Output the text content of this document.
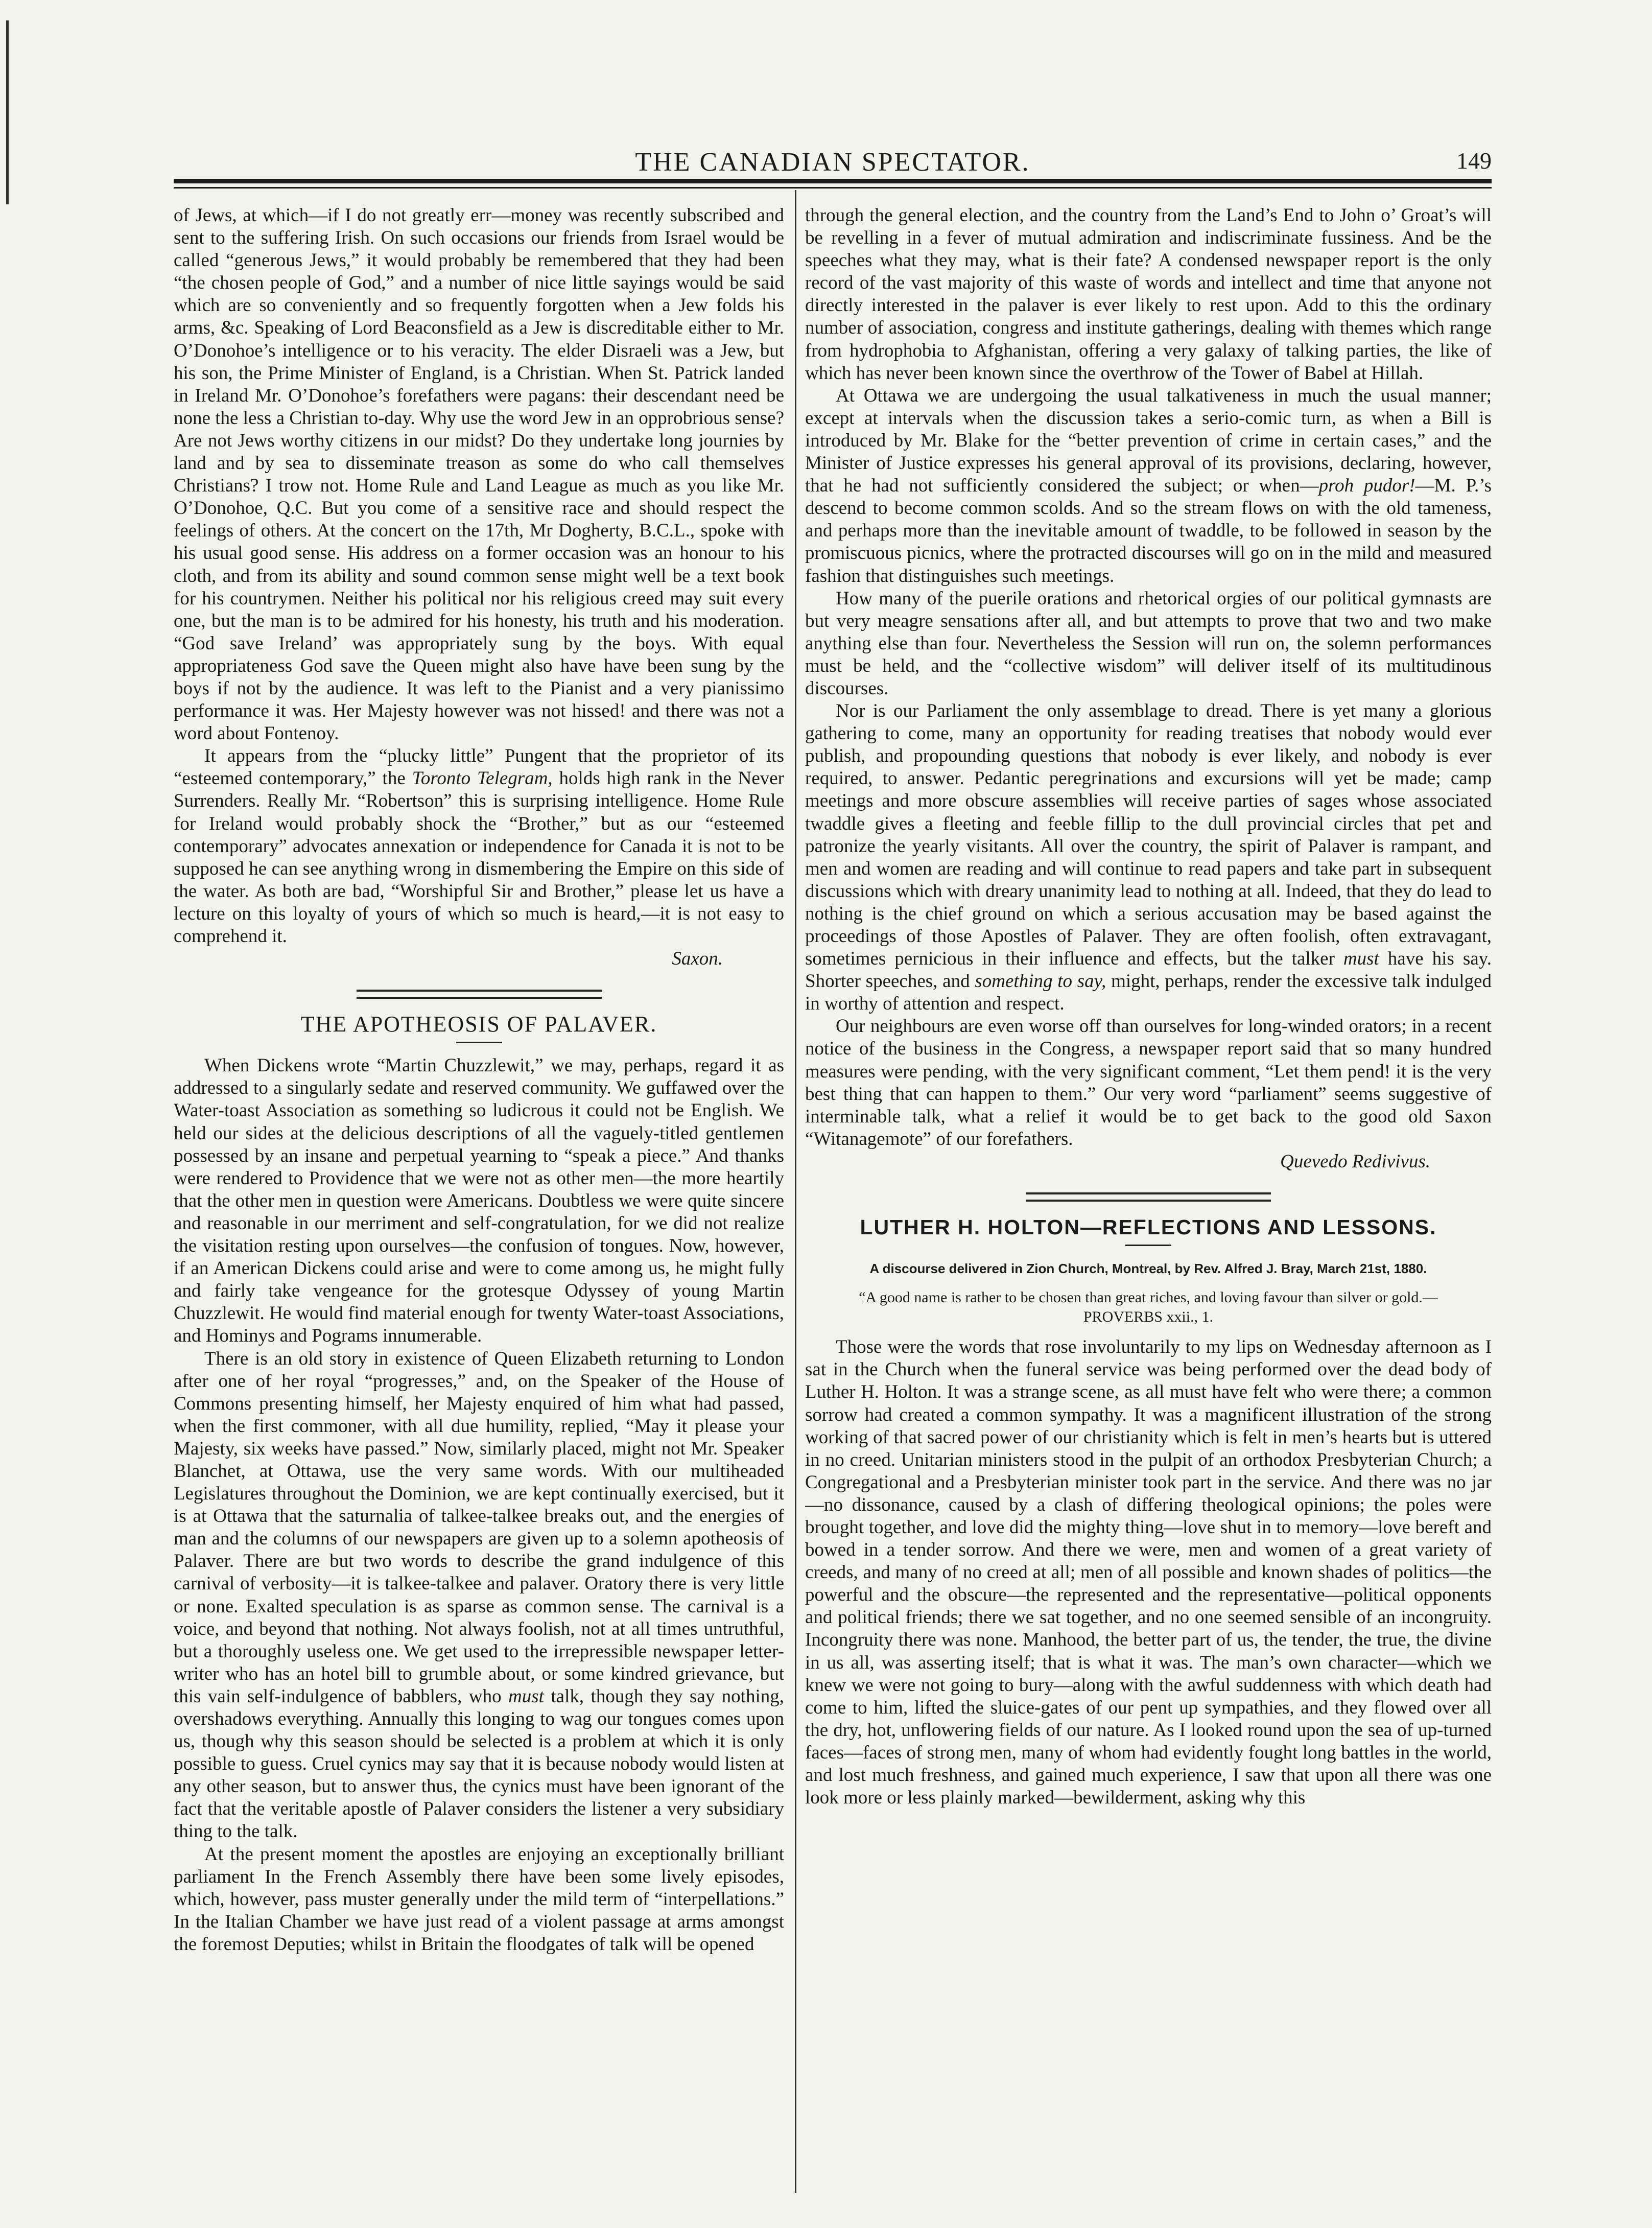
THE CANADIAN SPECTATOR.	149

of Jews, at which—if I do not greatly err—money was recently subscribed and sent to the suffering Irish. On such occasions our friends from Israel would be called “generous Jews,” it would probably be remembered that they had been “the chosen people of God,” and a number of nice little sayings would be said which are so conveniently and so frequently forgotten when a Jew folds his arms, &c. Speaking of Lord Beaconsfield as a Jew is discreditable either to Mr. O’Donohoe’s intelligence or to his veracity. The elder Disraeli was a Jew, but his son, the Prime Minister of England, is a Christian. When St. Patrick landed in Ireland Mr. O’Donohoe’s forefathers were pagans: their descendant need be none the less a Christian to-day. Why use the word Jew in an opprobrious sense? Are not Jews worthy citizens in our midst? Do they undertake long journies by land and by sea to disseminate treason as some do who call themselves Christians? I trow not. Home Rule and Land League as much as you like Mr. O’Donohoe, Q.C. But you come of a sensitive race and should respect the feelings of others. At the concert on the 17th, Mr Dogherty, B.C.L., spoke with his usual good sense. His address on a former occasion was an honour to his cloth, and from its ability and sound common sense might well be a text book for his countrymen. Neither his political nor his religious creed may suit every one, but the man is to be admired for his honesty, his truth and his moderation. “God save Ireland’ was appropriately sung by the boys. With equal appropriateness God save the Queen might also have have been sung by the boys if not by the audience. It was left to the Pianist and a very pianissimo performance it was. Her Majesty however was not hissed! and there was not a word about Fontenoy.

It appears from the “plucky little” Pungent that the proprietor of its “esteemed contemporary,” the Toronto Telegram, holds high rank in the Never Surrenders. Really Mr. “Robertson” this is surprising intelligence. Home Rule for Ireland would probably shock the “Brother,” but as our “esteemed contemporary” advocates annexation or independence for Canada it is not to be supposed he can see anything wrong in dismembering the Empire on this side of the water. As both are bad, “Worshipful Sir and Brother,” please let us have a lecture on this loyalty of yours of which so much is heard,—it is not easy to comprehend it.

Saxon.

THE APOTHEOSIS OF PALAVER.

When Dickens wrote “Martin Chuzzlewit,” we may, perhaps, regard it as addressed to a singularly sedate and reserved community. We guffawed over the Water-toast Association as something so ludicrous it could not be English. We held our sides at the delicious descriptions of all the vaguely-titled gentlemen possessed by an insane and perpetual yearning to “speak a piece.” And thanks were rendered to Providence that we were not as other men—the more heartily that the other men in question were Americans. Doubtless we were quite sincere and reasonable in our merriment and self-congratulation, for we did not realize the visitation resting upon ourselves—the confusion of tongues. Now, however, if an American Dickens could arise and were to come among us, he might fully and fairly take vengeance for the grotesque Odyssey of young Martin Chuzzlewit. He would find material enough for twenty Water-toast Associations, and Hominys and Pograms innumerable.

There is an old story in existence of Queen Elizabeth returning to London after one of her royal “progresses,” and, on the Speaker of the House of Commons presenting himself, her Majesty enquired of him what had passed, when the first commoner, with all due humility, replied, “May it please your Majesty, six weeks have passed.” Now, similarly placed, might not Mr. Speaker Blanchet, at Ottawa, use the very same words. With our multiheaded Legislatures throughout the Dominion, we are kept continually exercised, but it is at Ottawa that the saturnalia of talkee-talkee breaks out, and the energies of man and the columns of our newspapers are given up to a solemn apotheosis of Palaver. There are but two words to describe the grand indulgence of this carnival of verbosity—it is talkee-talkee and palaver. Oratory there is very little or none. Exalted speculation is as sparse as common sense. The carnival is a voice, and beyond that nothing. Not always foolish, not at all times untruthful, but a thoroughly useless one. We get used to the irrepressible newspaper letter-writer who has an hotel bill to grumble about, or some kindred grievance, but this vain self-indulgence of babblers, who must talk, though they say nothing, overshadows everything. Annually this longing to wag our tongues comes upon us, though why this season should be selected is a problem at which it is only possible to guess. Cruel cynics may say that it is because nobody would listen at any other season, but to answer thus, the cynics must have been ignorant of the fact that the veritable apostle of Palaver considers the listener a very subsidiary thing to the talk.

At the present moment the apostles are enjoying an exceptionally brilliant parliament In the French Assembly there have been some lively episodes, which, however, pass muster generally under the mild term of “interpellations.” In the Italian Chamber we have just read of a violent passage at arms amongst the foremost Deputies; whilst in Britain the floodgates of talk will be opened

through the general election, and the country from the Land’s End to John o’ Groat’s will be revelling in a fever of mutual admiration and indiscriminate fussiness. And be the speeches what they may, what is their fate? A condensed newspaper report is the only record of the vast majority of this waste of words and intellect and time that anyone not directly interested in the palaver is ever likely to rest upon. Add to this the ordinary number of association, congress and institute gatherings, dealing with themes which range from hydrophobia to Afghanistan, offering a very galaxy of talking parties, the like of which has never been known since the overthrow of the Tower of Babel at Hillah.

At Ottawa we are undergoing the usual talkativeness in much the usual manner; except at intervals when the discussion takes a serio-comic turn, as when a Bill is introduced by Mr. Blake for the “better prevention of crime in certain cases,” and the Minister of Justice expresses his general approval of its provisions, declaring, however, that he had not sufficiently considered the subject; or when—proh pudor!—M. P.’s descend to become common scolds. And so the stream flows on with the old tameness, and perhaps more than the inevitable amount of twaddle, to be followed in season by the promiscuous picnics, where the protracted discourses will go on in the mild and measured fashion that distinguishes such meetings.

How many of the puerile orations and rhetorical orgies of our political gymnasts are but very meagre sensations after all, and but attempts to prove that two and two make anything else than four. Nevertheless the Session will run on, the solemn performances must be held, and the “collective wisdom” will deliver itself of its multitudinous discourses.

Nor is our Parliament the only assemblage to dread. There is yet many a glorious gathering to come, many an opportunity for reading treatises that nobody would ever publish, and propounding questions that nobody is ever likely, and nobody is ever required, to answer. Pedantic peregrinations and excursions will yet be made; camp meetings and more obscure assemblies will receive parties of sages whose associated twaddle gives a fleeting and feeble fillip to the dull provincial circles that pet and patronize the yearly visitants. All over the country, the spirit of Palaver is rampant, and men and women are reading and will continue to read papers and take part in subsequent discussions which with dreary unanimity lead to nothing at all. Indeed, that they do lead to nothing is the chief ground on which a serious accusation may be based against the proceedings of those Apostles of Palaver. They are often foolish, often extravagant, sometimes pernicious in their influence and effects, but the talker must have his say. Shorter speeches, and something to say, might, perhaps, render the excessive talk indulged in worthy of attention and respect.

Our neighbours are even worse off than ourselves for long-winded orators; in a recent notice of the business in the Congress, a newspaper report said that so many hundred measures were pending, with the very significant comment, “Let them pend! it is the very best thing that can happen to them.” Our very word “parliament” seems suggestive of interminable talk, what a relief it would be to get back to the good old Saxon “Witanagemote” of our forefathers.

Quevedo Redivivus.

LUTHER H. HOLTON—REFLECTIONS AND LESSONS.
A discourse delivered in Zion Church, Montreal, by Rev. Alfred J. Bray, March 21st, 1880.
“A good name is rather to be chosen than great riches, and loving favour than silver or gold.—PROVERBS xxii., 1.

Those were the words that rose involuntarily to my lips on Wednesday afternoon as I sat in the Church when the funeral service was being performed over the dead body of Luther H. Holton. It was a strange scene, as all must have felt who were there; a common sorrow had created a common sympathy. It was a magnificent illustration of the strong working of that sacred power of our christianity which is felt in men’s hearts but is uttered in no creed. Unitarian ministers stood in the pulpit of an orthodox Presbyterian Church; a Congregational and a Presbyterian minister took part in the service. And there was no jar—no dissonance, caused by a clash of differing theological opinions; the poles were brought together, and love did the mighty thing—love shut in to memory—love bereft and bowed in a tender sorrow. And there we were, men and women of a great variety of creeds, and many of no creed at all; men of all possible and known shades of politics—the powerful and the obscure—the represented and the representative—political opponents and political friends; there we sat together, and no one seemed sensible of an incongruity. Incongruity there was none. Manhood, the better part of us, the tender, the true, the divine in us all, was asserting itself; that is what it was. The man’s own character—which we knew we were not going to bury—along with the awful suddenness with which death had come to him, lifted the sluice-gates of our pent up sympathies, and they flowed over all the dry, hot, unflowering fields of our nature. As I looked round upon the sea of up-turned faces—faces of strong men, many of whom had evidently fought long battles in the world, and lost much freshness, and gained much experience, I saw that upon all there was one look more or less plainly marked—bewilderment, asking why this
